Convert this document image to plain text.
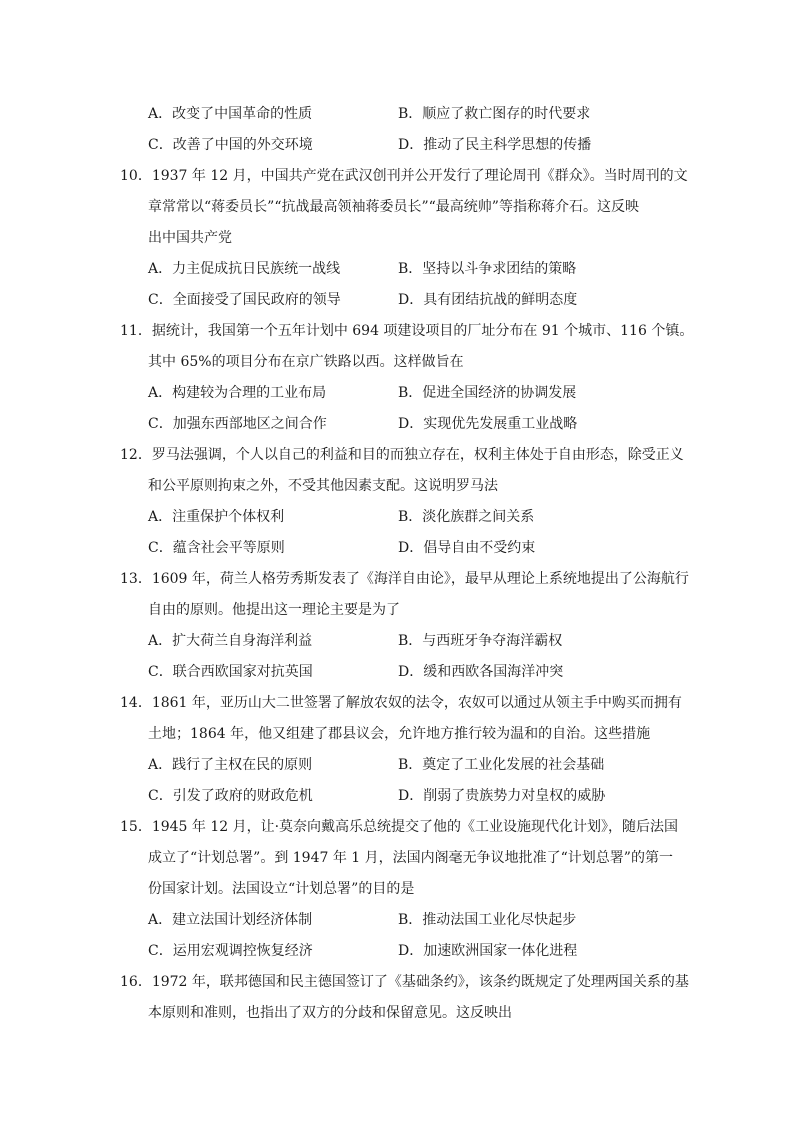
A．改变了中国革命的性质	B．顺应了救亡图存的时代要求
C．改善了中国的外交环境	D．推动了民主科学思想的传播
10．1937 年 12 月，中国共产党在武汉创刊并公开发行了理论周刊《群众》。当时周刊的文
章常常以“蒋委员长”“抗战最高领袖蒋委员长”“最高统帅”等指称蒋介石。这反映
出中国共产党
A．力主促成抗日民族统一战线	B．坚持以斗争求团结的策略
C．全面接受了国民政府的领导	D．具有团结抗战的鲜明态度
11．据统计，我国第一个五年计划中 694 项建设项目的厂址分布在 91 个城市、116 个镇。
其中 65%的项目分布在京广铁路以西。这样做旨在
A．构建较为合理的工业布局	B．促进全国经济的协调发展
C．加强东西部地区之间合作	D．实现优先发展重工业战略
12．罗马法强调，个人以自己的利益和目的而独立存在，权利主体处于自由形态，除受正义
和公平原则拘束之外，不受其他因素支配。这说明罗马法
A．注重保护个体权利	B．淡化族群之间关系
C．蕴含社会平等原则	D．倡导自由不受约束
13．1609 年，荷兰人格劳秀斯发表了《海洋自由论》，最早从理论上系统地提出了公海航行
自由的原则。他提出这一理论主要是为了
A．扩大荷兰自身海洋利益	B．与西班牙争夺海洋霸权
C．联合西欧国家对抗英国	D．缓和西欧各国海洋冲突
14．1861 年，亚历山大二世签署了解放农奴的法令，农奴可以通过从领主手中购买而拥有
土地；1864 年，他又组建了郡县议会，允许地方推行较为温和的自治。这些措施
A．践行了主权在民的原则	B．奠定了工业化发展的社会基础
C．引发了政府的财政危机	D．削弱了贵族势力对皇权的威胁
15．1945 年 12 月，让·莫奈向戴高乐总统提交了他的《工业设施现代化计划》，随后法国
成立了“计划总署”。到 1947 年 1 月，法国内阁毫无争议地批准了“计划总署”的第一
份国家计划。法国设立“计划总署”的目的是
A．建立法国计划经济体制	B．推动法国工业化尽快起步
C．运用宏观调控恢复经济	D．加速欧洲国家一体化进程
16．1972 年，联邦德国和民主德国签订了《基础条约》，该条约既规定了处理两国关系的基
本原则和准则，也指出了双方的分歧和保留意见。这反映出
